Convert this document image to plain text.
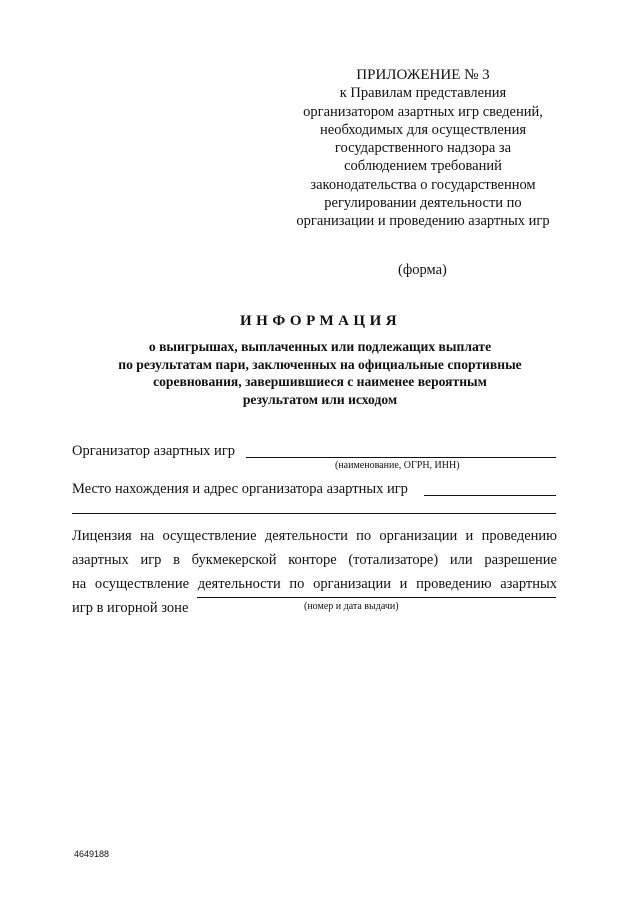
ПРИЛОЖЕНИЕ № 3
к Правилам представления
организатором азартных игр сведений,
необходимых для осуществления
государственного надзора за
соблюдением требований
законодательства о государственном
регулировании деятельности по
организации и проведению азартных игр
(форма)
ИНФОРМАЦИЯ
о выигрышах, выплаченных или подлежащих выплате
по результатам пари, заключенных на официальные спортивные
соревнования, завершившиеся с наименее вероятным
результатом или исходом
Организатор азартных игр
(наименование, ОГРН, ИНН)
Место нахождения и адрес организатора азартных игр
Лицензия на осуществление деятельности по организации и проведению
азартных игр в букмекерской конторе (тотализаторе) или разрешение
на осуществление деятельности по организации и проведению азартных
игр в игорной зоне	(номер и дата выдачи)
4649188
